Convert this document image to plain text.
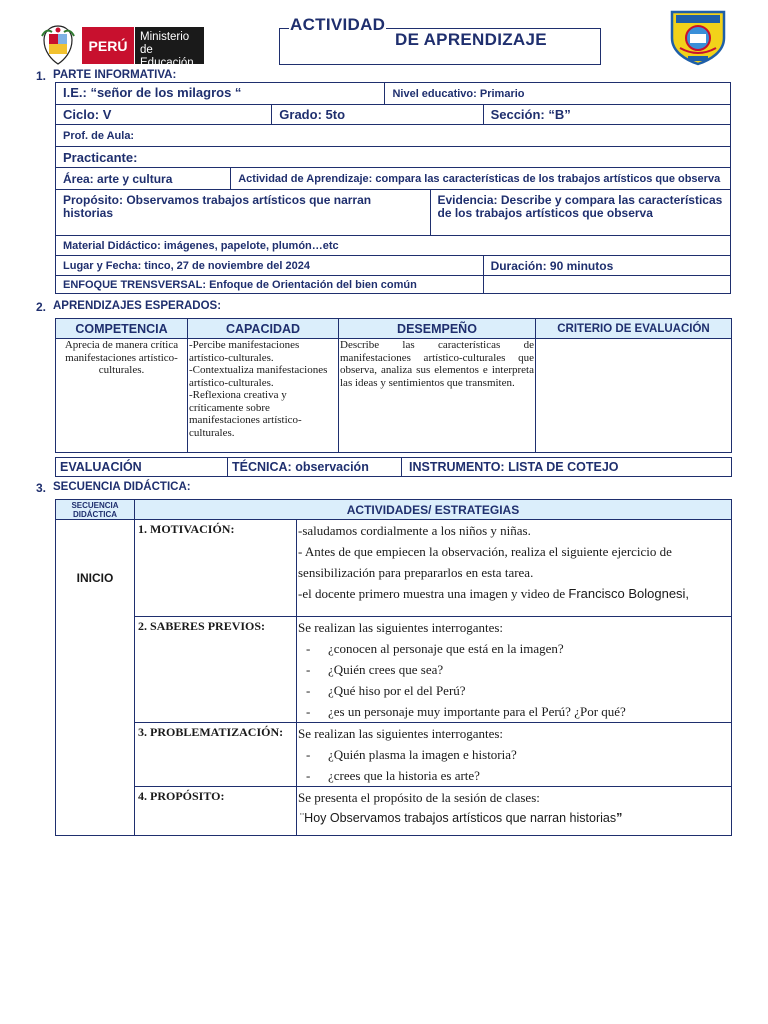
PERÚ
Ministerio de
Educación
ACTIVIDAD
DE APRENDIZAJE
1. PARTE INFORMATIVA:
I.E.: “señor de los milagros “			Nivel educativo: Primario		
Ciclo: V		Grado: 5to			Sección: “B”
Prof. de Aula:					
Practicante:					
Área: arte y cultura	Actividad de Aprendizaje: compara las características de los trabajos artísticos que observa				
Propósito: Observamos trabajos artísticos que narran historias				Evidencia: Describe y compara las características de los trabajos artísticos que observa	
Material Didáctico: imágenes, papelote, plumón…etc					
Lugar y Fecha: tinco, 27 de noviembre del 2024					Duración: 90 minutos
ENFOQUE TRENSVERSAL: Enfoque de Orientación del bien común					
2. APRENDIZAJES ESPERADOS:
COMPETENCIA	CAPACIDAD	DESEMPEÑO	CRITERIO DE EVALUACIÓN
Aprecia de manera crítica manifestaciones artístico-culturales.	-Percibe manifestaciones artístico-culturales.
-Contextualiza manifestaciones artístico-culturales.
-Reflexiona creativa y críticamente sobre manifestaciones artístico-culturales.	Describe las características de manifestaciones artístico-culturales que observa, analiza sus elementos e interpreta las ideas y sentimientos que transmiten.	
EVALUACIÓN	TÉCNICA: observación	INSTRUMENTO: LISTA DE COTEJO
3. SECUENCIA DIDÁCTICA:
SECUENCIA
DIDÁCTICA	ACTIVIDADES/ ESTRATEGIAS	
INICIO	1. MOTIVACIÓN:	-saludamos cordialmente a los niños y niñas.
- Antes de que empiecen la observación, realiza el siguiente ejercicio de sensibilización para prepararlos en esta tarea.
-el docente primero muestra una imagen y video de Francisco Bolognesi,

	2. SABERES PREVIOS:	Se realizan las siguientes interrogantes:
- ¿conocen al personaje que está en la imagen?
- ¿Quién crees que sea?
- ¿Qué hiso por el del Perú?
- ¿es un personaje muy importante para el Perú? ¿Por qué?

	3. PROBLEMATIZACIÓN:	Se realizan las siguientes interrogantes:
- ¿Quién plasma la imagen e historia?
- ¿crees que la historia es arte?

	4. PROPÓSITO:	Se presenta el propósito de la sesión de clases:
¨Hoy Observamos trabajos artísticos que narran historias”
